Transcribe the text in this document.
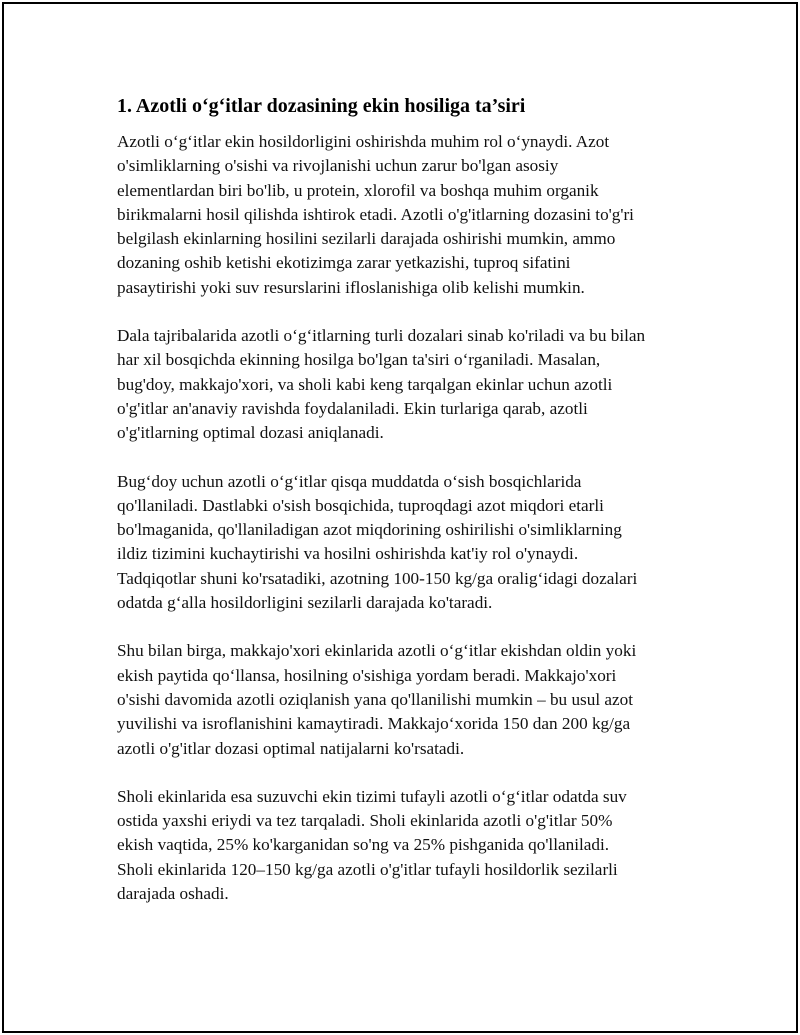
1. Azotli o‘g‘itlar dozasining ekin hosiliga ta’siri

Azotli o‘g‘itlar ekin hosildorligini oshirishda muhim rol o‘ynaydi. Azot
o'simliklarning o'sishi va rivojlanishi uchun zarur bo'lgan asosiy
elementlardan biri bo'lib, u protein, xlorofil va boshqa muhim organik
birikmalarni hosil qilishda ishtirok etadi. Azotli o'g'itlarning dozasini to'g'ri
belgilash ekinlarning hosilini sezilarli darajada oshirishi mumkin, ammo
dozaning oshib ketishi ekotizimga zarar yetkazishi, tuproq sifatini
pasaytirishi yoki suv resurslarini ifloslanishiga olib kelishi mumkin.

Dala tajribalarida azotli o‘g‘itlarning turli dozalari sinab ko'riladi va bu bilan
har xil bosqichda ekinning hosilga bo'lgan ta'siri o‘rganiladi. Masalan,
bug'doy, makkajo'xori, va sholi kabi keng tarqalgan ekinlar uchun azotli
o'g'itlar an'anaviy ravishda foydalaniladi. Ekin turlariga qarab, azotli
o'g'itlarning optimal dozasi aniqlanadi.

Bug‘doy uchun azotli o‘g‘itlar qisqa muddatda o‘sish bosqichlarida
qo'llaniladi. Dastlabki o'sish bosqichida, tuproqdagi azot miqdori etarli
bo'lmaganida, qo'llaniladigan azot miqdorining oshirilishi o'simliklarning
ildiz tizimini kuchaytirishi va hosilni oshirishda kat'iy rol o'ynaydi.
Tadqiqotlar shuni ko'rsatadiki, azotning 100-150 kg/ga oralig‘idagi dozalari
odatda g‘alla hosildorligini sezilarli darajada ko'taradi.

Shu bilan birga, makkajo'xori ekinlarida azotli o‘g‘itlar ekishdan oldin yoki
ekish paytida qo‘llansa, hosilning o'sishiga yordam beradi. Makkajo'xori
o'sishi davomida azotli oziqlanish yana qo'llanilishi mumkin – bu usul azot
yuvilishi va isroflanishini kamaytiradi. Makkajo‘xorida 150 dan 200 kg/ga
azotli o'g'itlar dozasi optimal natijalarni ko'rsatadi.

Sholi ekinlarida esa suzuvchi ekin tizimi tufayli azotli o‘g‘itlar odatda suv
ostida yaxshi eriydi va tez tarqaladi. Sholi ekinlarida azotli o'g'itlar 50%
ekish vaqtida, 25% ko'karganidan so'ng va 25% pishganida qo'llaniladi.
Sholi ekinlarida 120–150 kg/ga azotli o'g'itlar tufayli hosildorlik sezilarli
darajada oshadi.
